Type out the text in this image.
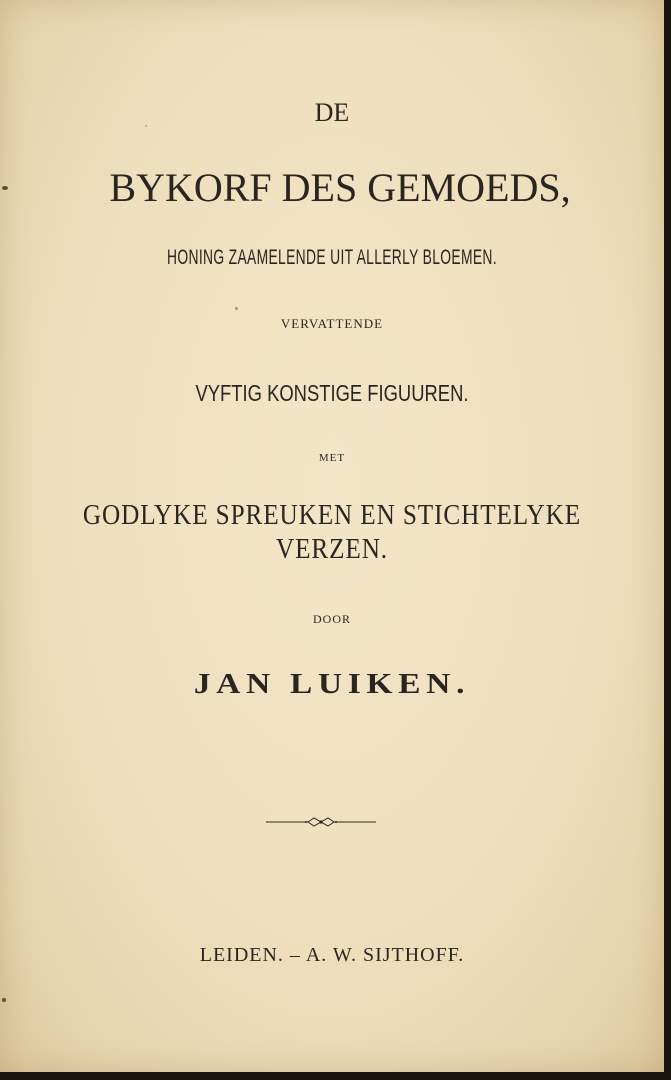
DE
BYKORF DES GEMOEDS,
HONING ZAAMELENDE UIT ALLERLY BLOEMEN.
VERVATTENDE
VYFTIG KONSTIGE FIGUUREN.
MET
GODLYKE SPREUKEN EN STICHTELYKE
VERZEN.
DOOR
JAN LUIKEN.
LEIDEN. – A. W. SIJTHOFF.
